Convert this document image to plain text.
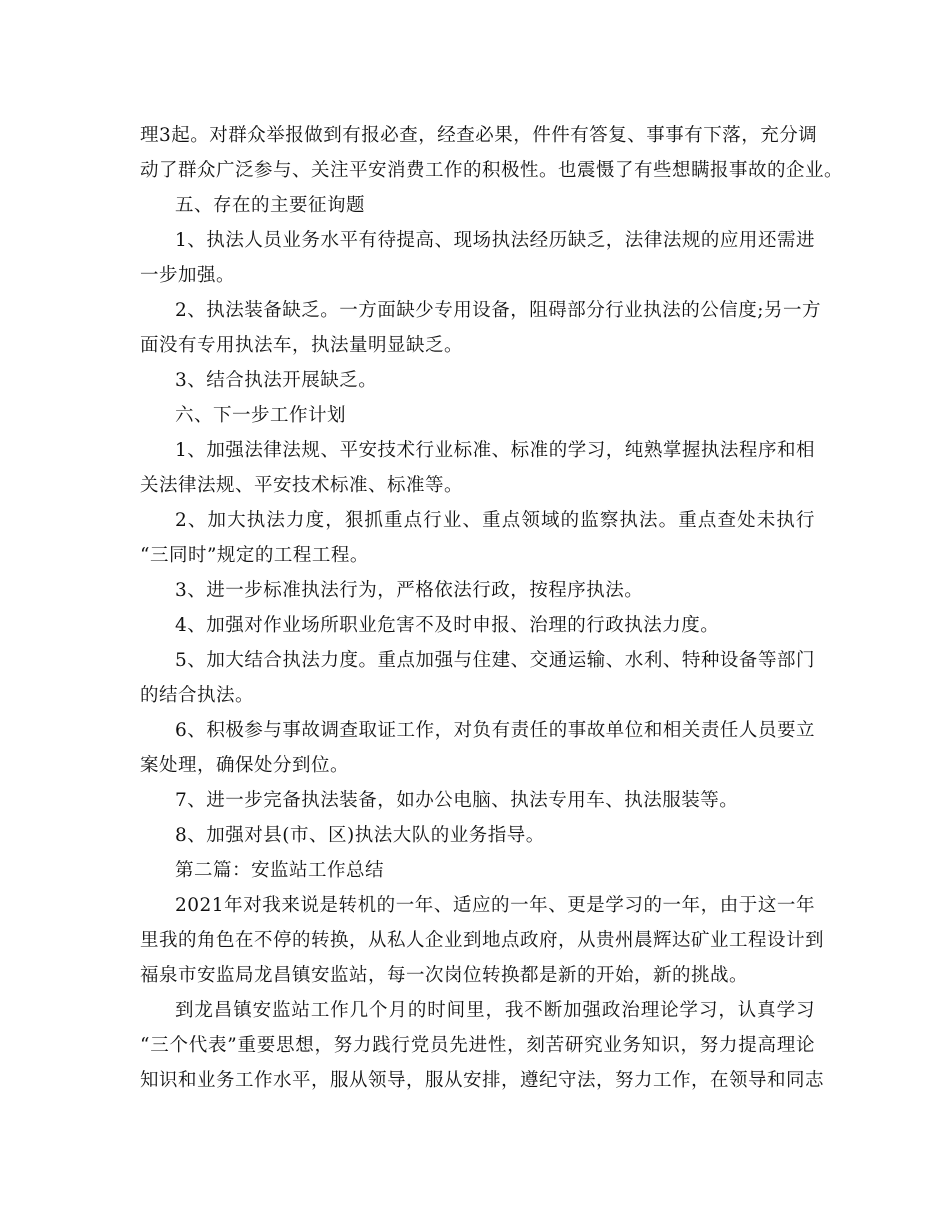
理3起。对群众举报做到有报必查，经查必果，件件有答复、事事有下落，充分调
动了群众广泛参与、关注平安消费工作的积极性。也震慑了有些想瞒报事故的企业。
五、存在的主要征询题
1、执法人员业务水平有待提高、现场执法经历缺乏，法律法规的应用还需进
一步加强。
2、执法装备缺乏。一方面缺少专用设备，阻碍部分行业执法的公信度;另一方
面没有专用执法车，执法量明显缺乏。
3、结合执法开展缺乏。
六、下一步工作计划
1、加强法律法规、平安技术行业标准、标准的学习，纯熟掌握执法程序和相
关法律法规、平安技术标准、标准等。
2、加大执法力度，狠抓重点行业、重点领域的监察执法。重点查处未执行
“三同时”规定的工程工程。
3、进一步标准执法行为，严格依法行政，按程序执法。
4、加强对作业场所职业危害不及时申报、治理的行政执法力度。
5、加大结合执法力度。重点加强与住建、交通运输、水利、特种设备等部门
的结合执法。
6、积极参与事故调查取证工作，对负有责任的事故单位和相关责任人员要立
案处理，确保处分到位。
7、进一步完备执法装备，如办公电脑、执法专用车、执法服装等。
8、加强对县(市、区)执法大队的业务指导。
第二篇：安监站工作总结
2021年对我来说是转机的一年、适应的一年、更是学习的一年，由于这一年
里我的角色在不停的转换，从私人企业到地点政府，从贵州晨辉达矿业工程设计到
福泉市安监局龙昌镇安监站，每一次岗位转换都是新的开始，新的挑战。
到龙昌镇安监站工作几个月的时间里，我不断加强政治理论学习，认真学习
“三个代表”重要思想，努力践行党员先进性，刻苦研究业务知识，努力提高理论
知识和业务工作水平，服从领导，服从安排，遵纪守法，努力工作，在领导和同志
